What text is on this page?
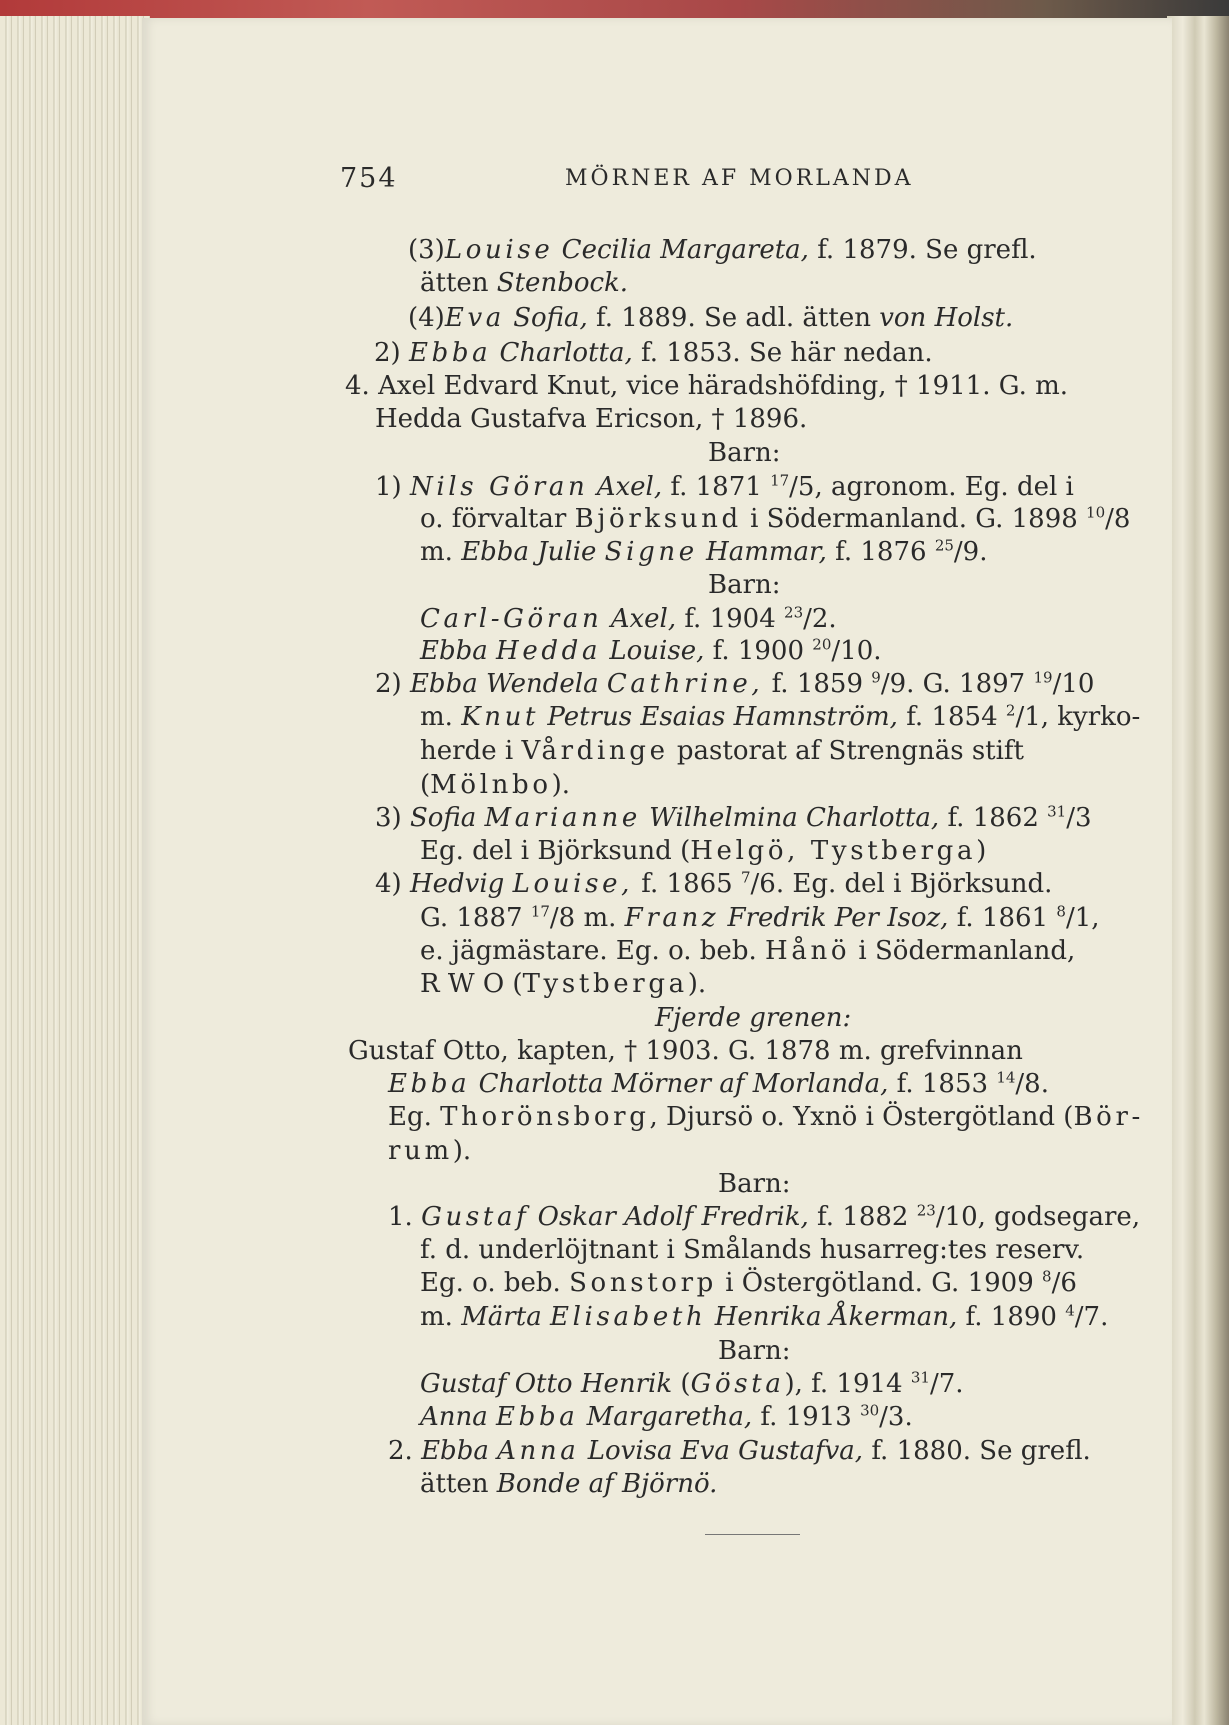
754	MÖRNER AF MORLANDA
(3)Louise Cecilia Margareta, f. 1879. Se grefl.
ätten Stenbock.
(4)Eva Sofia, f. 1889. Se adl. ätten von Holst.
2) Ebba Charlotta, f. 1853. Se här nedan.
4. Axel Edvard Knut, vice häradshöfding, † 1911. G. m.
Hedda Gustafva Ericson, † 1896.
Barn:
1) Nils Göran Axel, f. 1871 $^{17}$/5, agronom. Eg. del i
o. förvaltar Björksund i Södermanland. G. 1898 $^{10}$/8
m. Ebba Julie Signe Hammar, f. 1876 $^{25}$/9.
Barn:
Carl-Göran Axel, f. 1904 $^{23}$/2.
Ebba Hedda Louise, f. 1900 $^{20}$/10.
2) Ebba Wendela Cathrine, f. 1859 $^9$/9. G. 1897 $^{19}$/10
m. Knut Petrus Esaias Hamnström, f. 1854 $^2$/1, kyrko-
herde i Vårdinge pastorat af Strengnäs stift
(Mölnbo).
3) Sofia Marianne Wilhelmina Charlotta, f. 1862 $^{31}$/3
Eg. del i Björksund (Helgö, Tystberga)
4) Hedvig Louise, f. 1865 $^7$/6. Eg. del i Björksund.
G. 1887 $^{17}$/8 m. Franz Fredrik Per Isoz, f. 1861 $^8$/1,
e. jägmästare. Eg. o. beb. Hånö i Södermanland,
R W O (Tystberga).
Fjerde grenen:
Gustaf Otto, kapten, † 1903. G. 1878 m. grefvinnan
Ebba Charlotta Mörner af Morlanda, f. 1853 $^{14}$/8.
Eg. Thorönsborg, Djursö o. Yxnö i Östergötland (Bör-
rum).
Barn:
1. Gustaf Oskar Adolf Fredrik, f. 1882 $^{23}$/10, godsegare,
f. d. underlöjtnant i Smålands husarreg:tes reserv.
Eg. o. beb. Sonstorp i Östergötland. G. 1909 $^8$/6
m. Märta Elisabeth Henrika Åkerman, f. 1890 $^4$/7.
Barn:
Gustaf Otto Henrik (Gösta), f. 1914 $^{31}$/7.
Anna Ebba Margaretha, f. 1913 $^{30}$/3.
2. Ebba Anna Lovisa Eva Gustafva, f. 1880. Se grefl.
ätten Bonde af Björnö.
